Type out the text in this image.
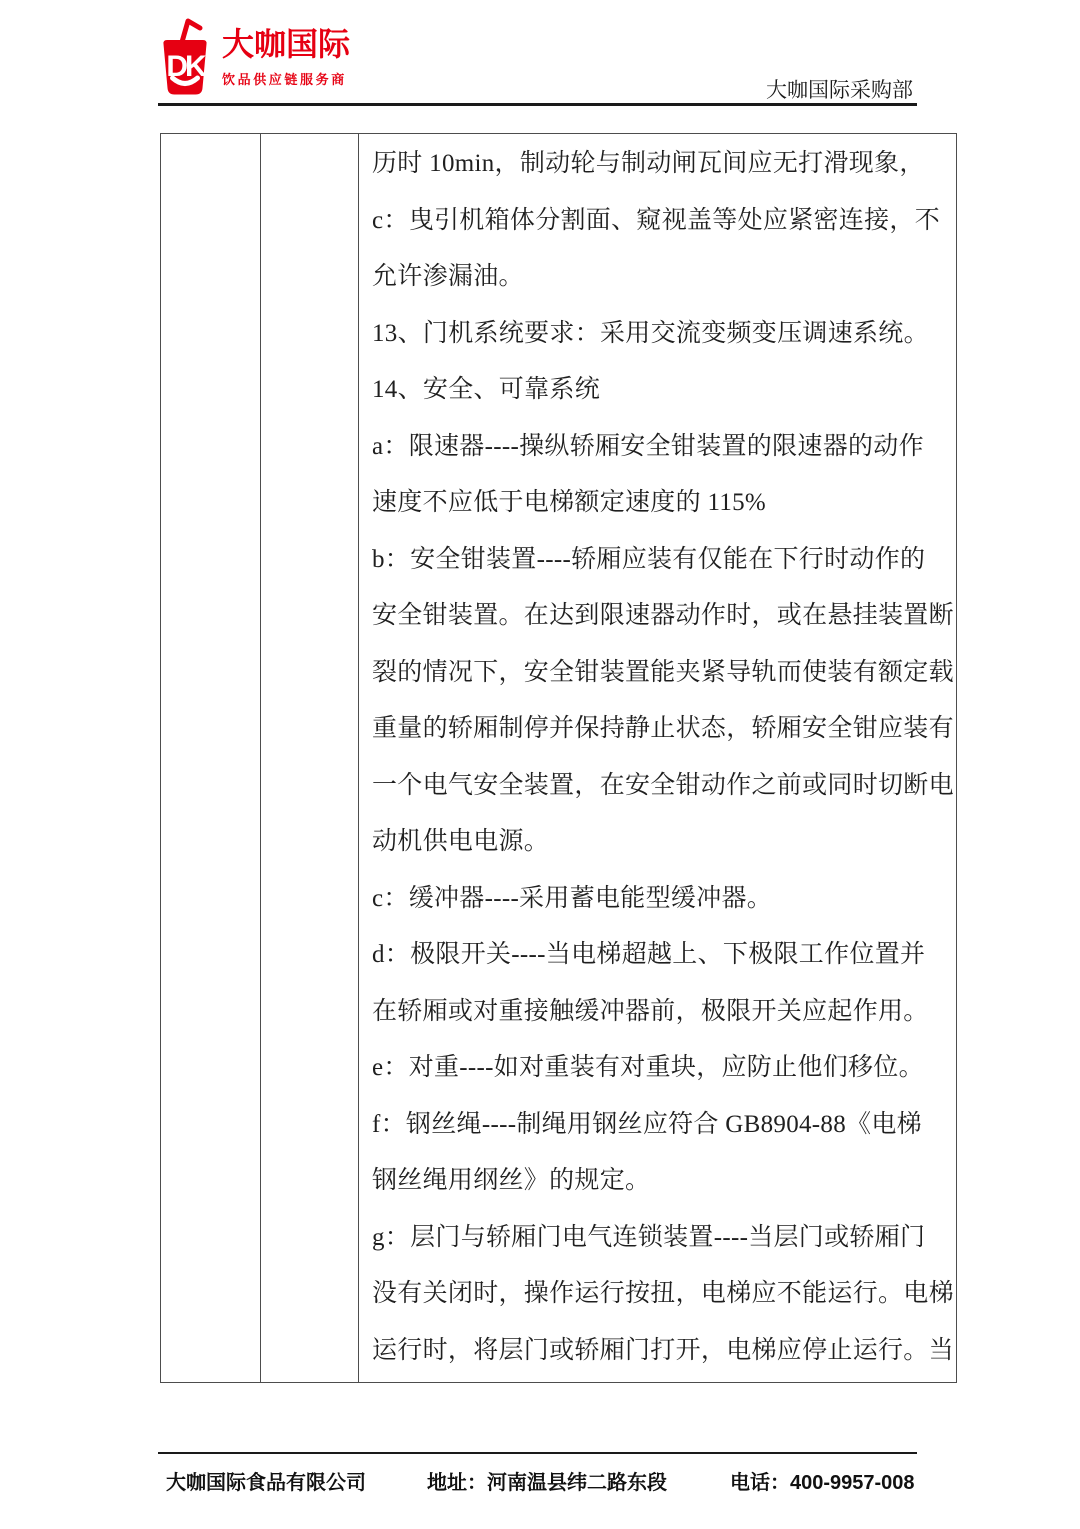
DK
大咖国际
饮品供应链服务商	大咖国际采购部
历时 10min，制动轮与制动闸瓦间应无打滑现象，
c：曳引机箱体分割面、窥视盖等处应紧密连接，不
允许渗漏油。
13、门机系统要求：采用交流变频变压调速系统。
14、安全、可靠系统
a：限速器----操纵轿厢安全钳装置的限速器的动作
速度不应低于电梯额定速度的 115%
b：安全钳装置----轿厢应装有仅能在下行时动作的
安全钳装置。在达到限速器动作时，或在悬挂装置断
裂的情况下，安全钳装置能夹紧导轨而使装有额定载
重量的轿厢制停并保持静止状态，轿厢安全钳应装有
一个电气安全装置，在安全钳动作之前或同时切断电
动机供电电源。
c：缓冲器----采用蓄电能型缓冲器。
d：极限开关----当电梯超越上、下极限工作位置并
在轿厢或对重接触缓冲器前，极限开关应起作用。
e：对重----如对重装有对重块，应防止他们移位。
f：钢丝绳----制绳用钢丝应符合 GB8904-88《电梯
钢丝绳用纲丝》的规定。
g：层门与轿厢门电气连锁装置----当层门或轿厢门
没有关闭时，操作运行按扭，电梯应不能运行。电梯
运行时，将层门或轿厢门打开，电梯应停止运行。当
大咖国际食品有限公司	地址：河南温县纬二路东段	电话：400-9957-008
